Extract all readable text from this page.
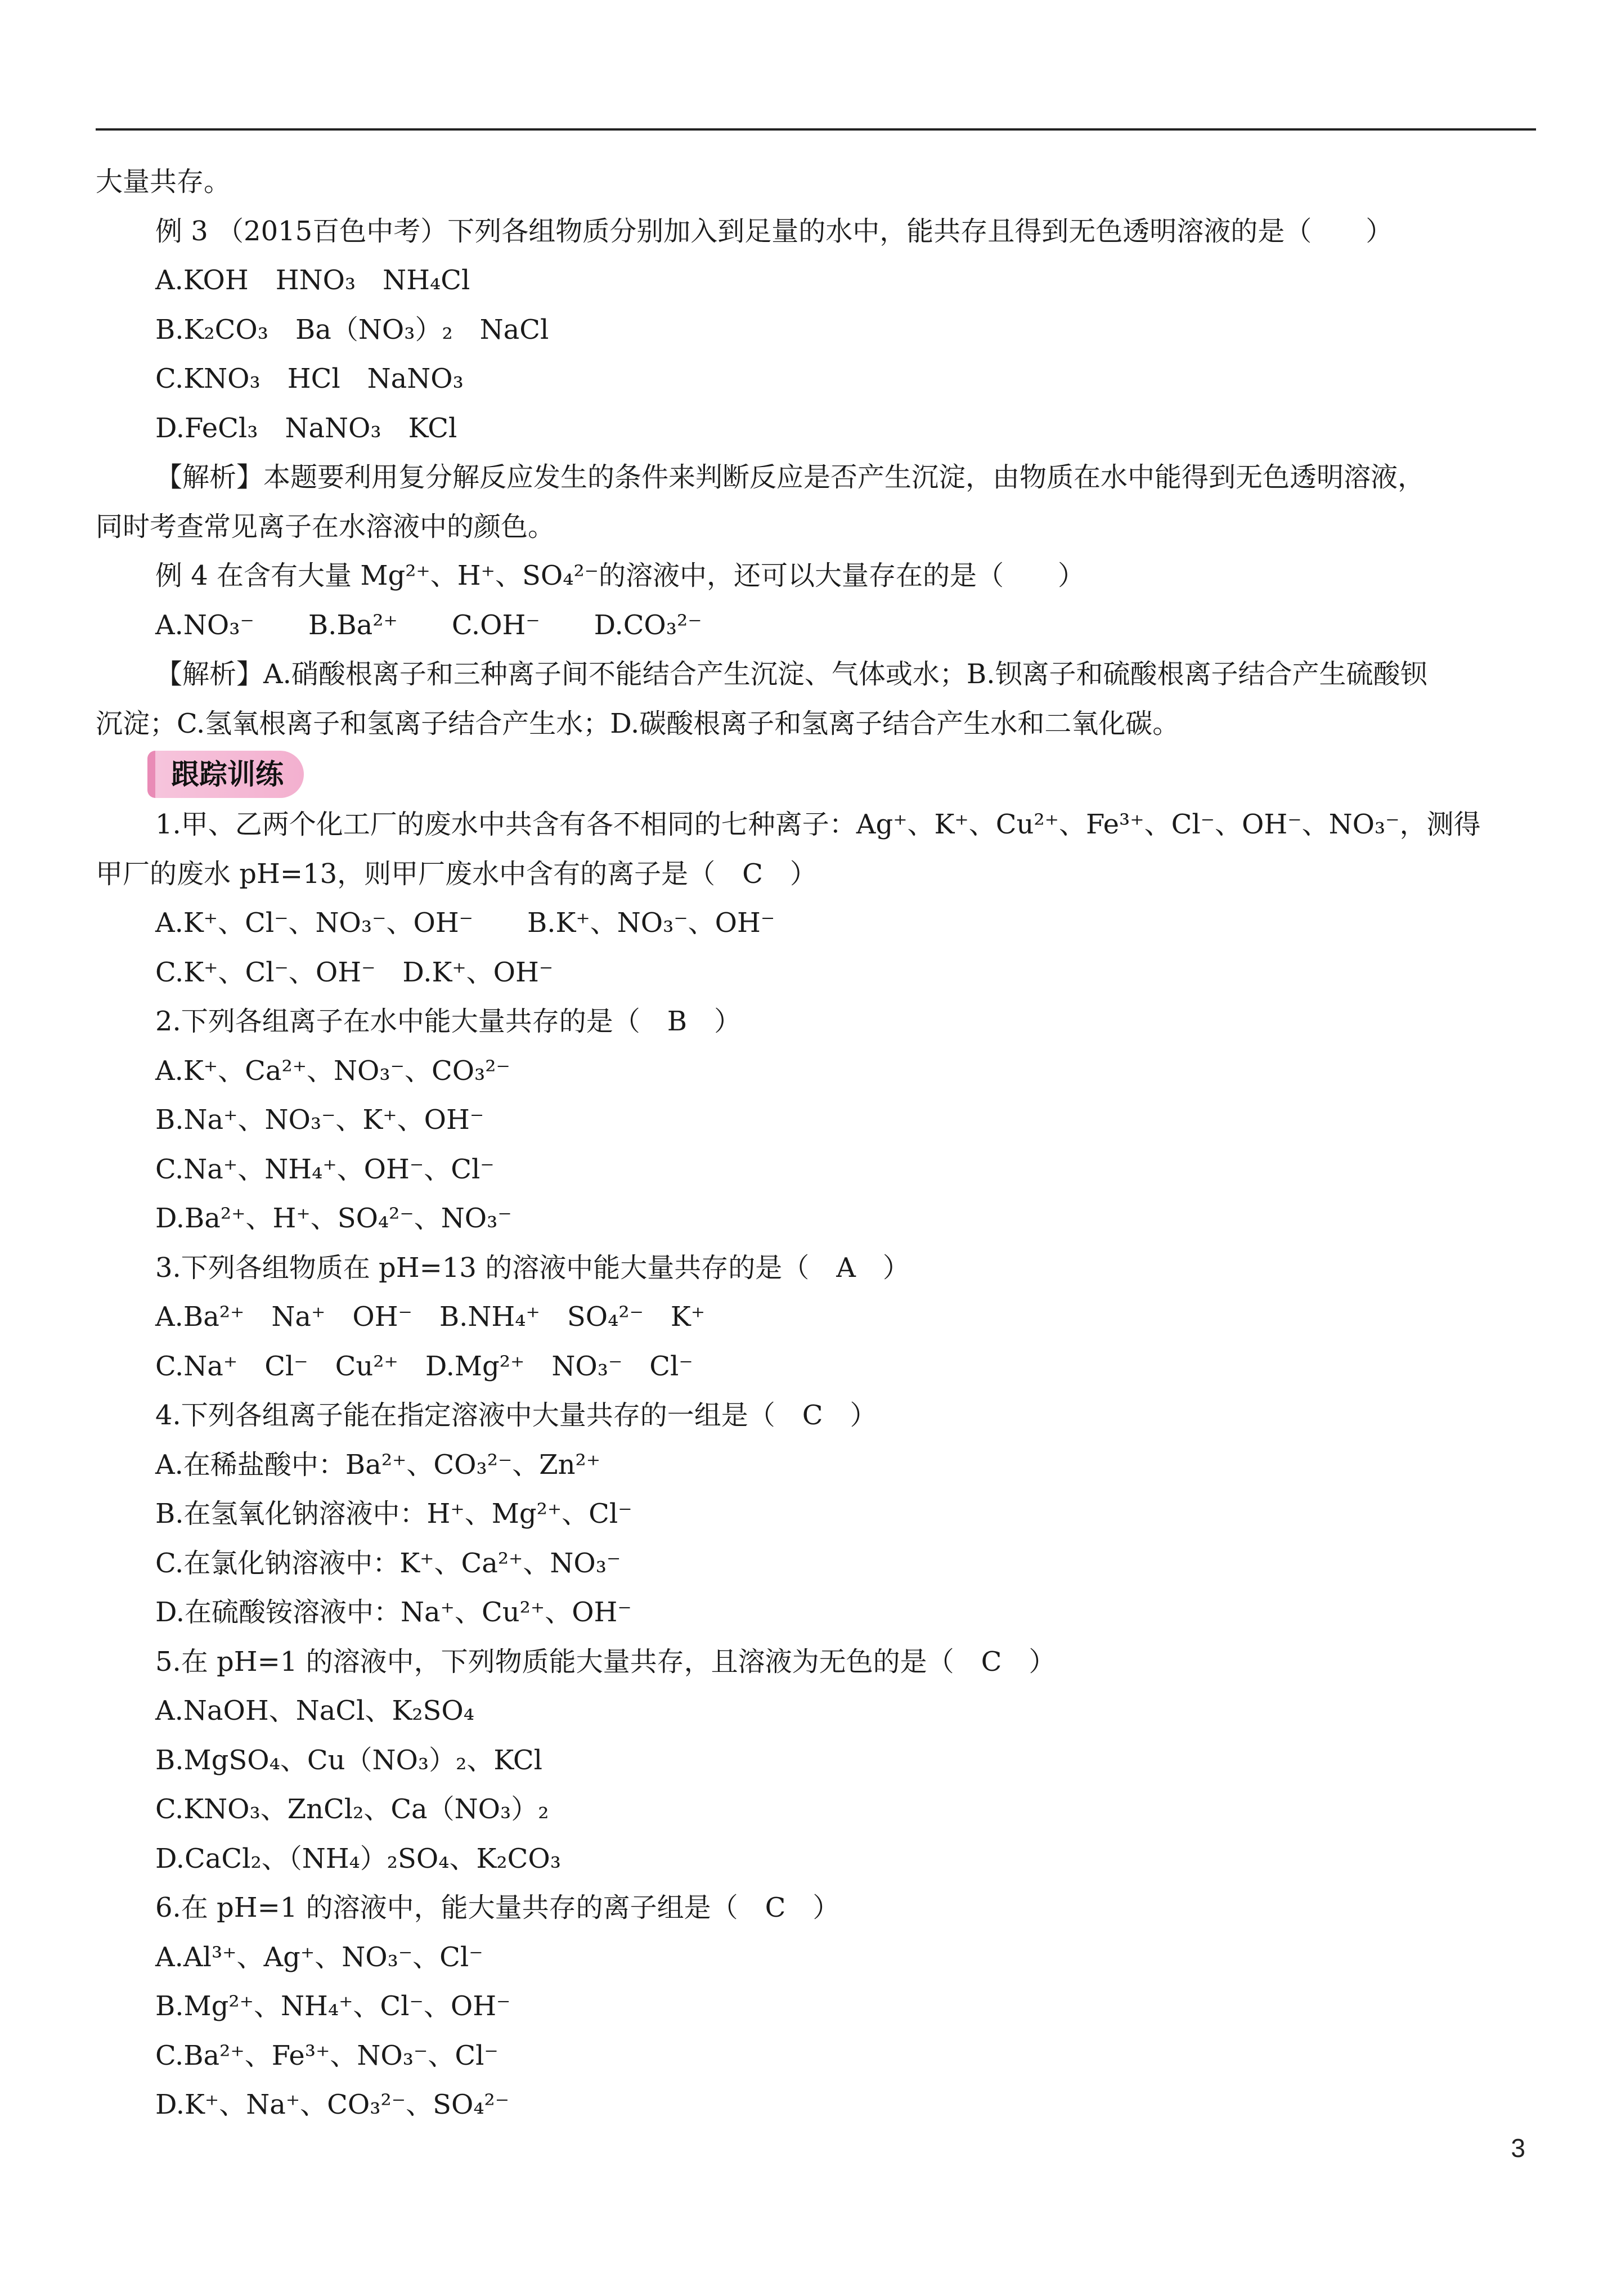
大量共存。
例 3 （2015百色中考）下列各组物质分别加入到足量的水中，能共存且得到无色透明溶液的是（　　）
A.KOH　HNO₃　NH₄Cl
B.K₂CO₃　Ba（NO₃）₂　NaCl
C.KNO₃　HCl　NaNO₃
D.FeCl₃　NaNO₃　KCl
【解析】本题要利用复分解反应发生的条件来判断反应是否产生沉淀，由物质在水中能得到无色透明溶液，
同时考查常见离子在水溶液中的颜色。
例 4 在含有大量 Mg²⁺、H⁺、SO₄²⁻的溶液中，还可以大量存在的是（　　）
A.NO₃⁻　　B.Ba²⁺　　C.OH⁻　　D.CO₃²⁻
【解析】A.硝酸根离子和三种离子间不能结合产生沉淀、气体或水；B.钡离子和硫酸根离子结合产生硫酸钡
沉淀；C.氢氧根离子和氢离子结合产生水；D.碳酸根离子和氢离子结合产生水和二氧化碳。
跟踪训练
1.甲、乙两个化工厂的废水中共含有各不相同的七种离子：Ag⁺、K⁺、Cu²⁺、Fe³⁺、Cl⁻、OH⁻、NO₃⁻，测得
甲厂的废水 pH=13，则甲厂废水中含有的离子是（　C　）
A.K⁺、Cl⁻、NO₃⁻、OH⁻　　B.K⁺、NO₃⁻、OH⁻
C.K⁺、Cl⁻、OH⁻　D.K⁺、OH⁻
2.下列各组离子在水中能大量共存的是（　B　）
A.K⁺、Ca²⁺、NO₃⁻、CO₃²⁻
B.Na⁺、NO₃⁻、K⁺、OH⁻
C.Na⁺、NH₄⁺、OH⁻、Cl⁻
D.Ba²⁺、H⁺、SO₄²⁻、NO₃⁻
3.下列各组物质在 pH=13 的溶液中能大量共存的是（　A　）
A.Ba²⁺　Na⁺　OH⁻　B.NH₄⁺　SO₄²⁻　K⁺
C.Na⁺　Cl⁻　Cu²⁺　D.Mg²⁺　NO₃⁻　Cl⁻
4.下列各组离子能在指定溶液中大量共存的一组是（　C　）
A.在稀盐酸中：Ba²⁺、CO₃²⁻、Zn²⁺
B.在氢氧化钠溶液中：H⁺、Mg²⁺、Cl⁻
C.在氯化钠溶液中：K⁺、Ca²⁺、NO₃⁻
D.在硫酸铵溶液中：Na⁺、Cu²⁺、OH⁻
5.在 pH=1 的溶液中，下列物质能大量共存，且溶液为无色的是（　C　）
A.NaOH、NaCl、K₂SO₄
B.MgSO₄、Cu（NO₃）₂、KCl
C.KNO₃、ZnCl₂、Ca（NO₃）₂
D.CaCl₂、（NH₄）₂SO₄、K₂CO₃
6.在 pH=1 的溶液中，能大量共存的离子组是（　C　）
A.Al³⁺、Ag⁺、NO₃⁻、Cl⁻
B.Mg²⁺、NH₄⁺、Cl⁻、OH⁻
C.Ba²⁺、Fe³⁺、NO₃⁻、Cl⁻
D.K⁺、Na⁺、CO₃²⁻、SO₄²⁻
3
